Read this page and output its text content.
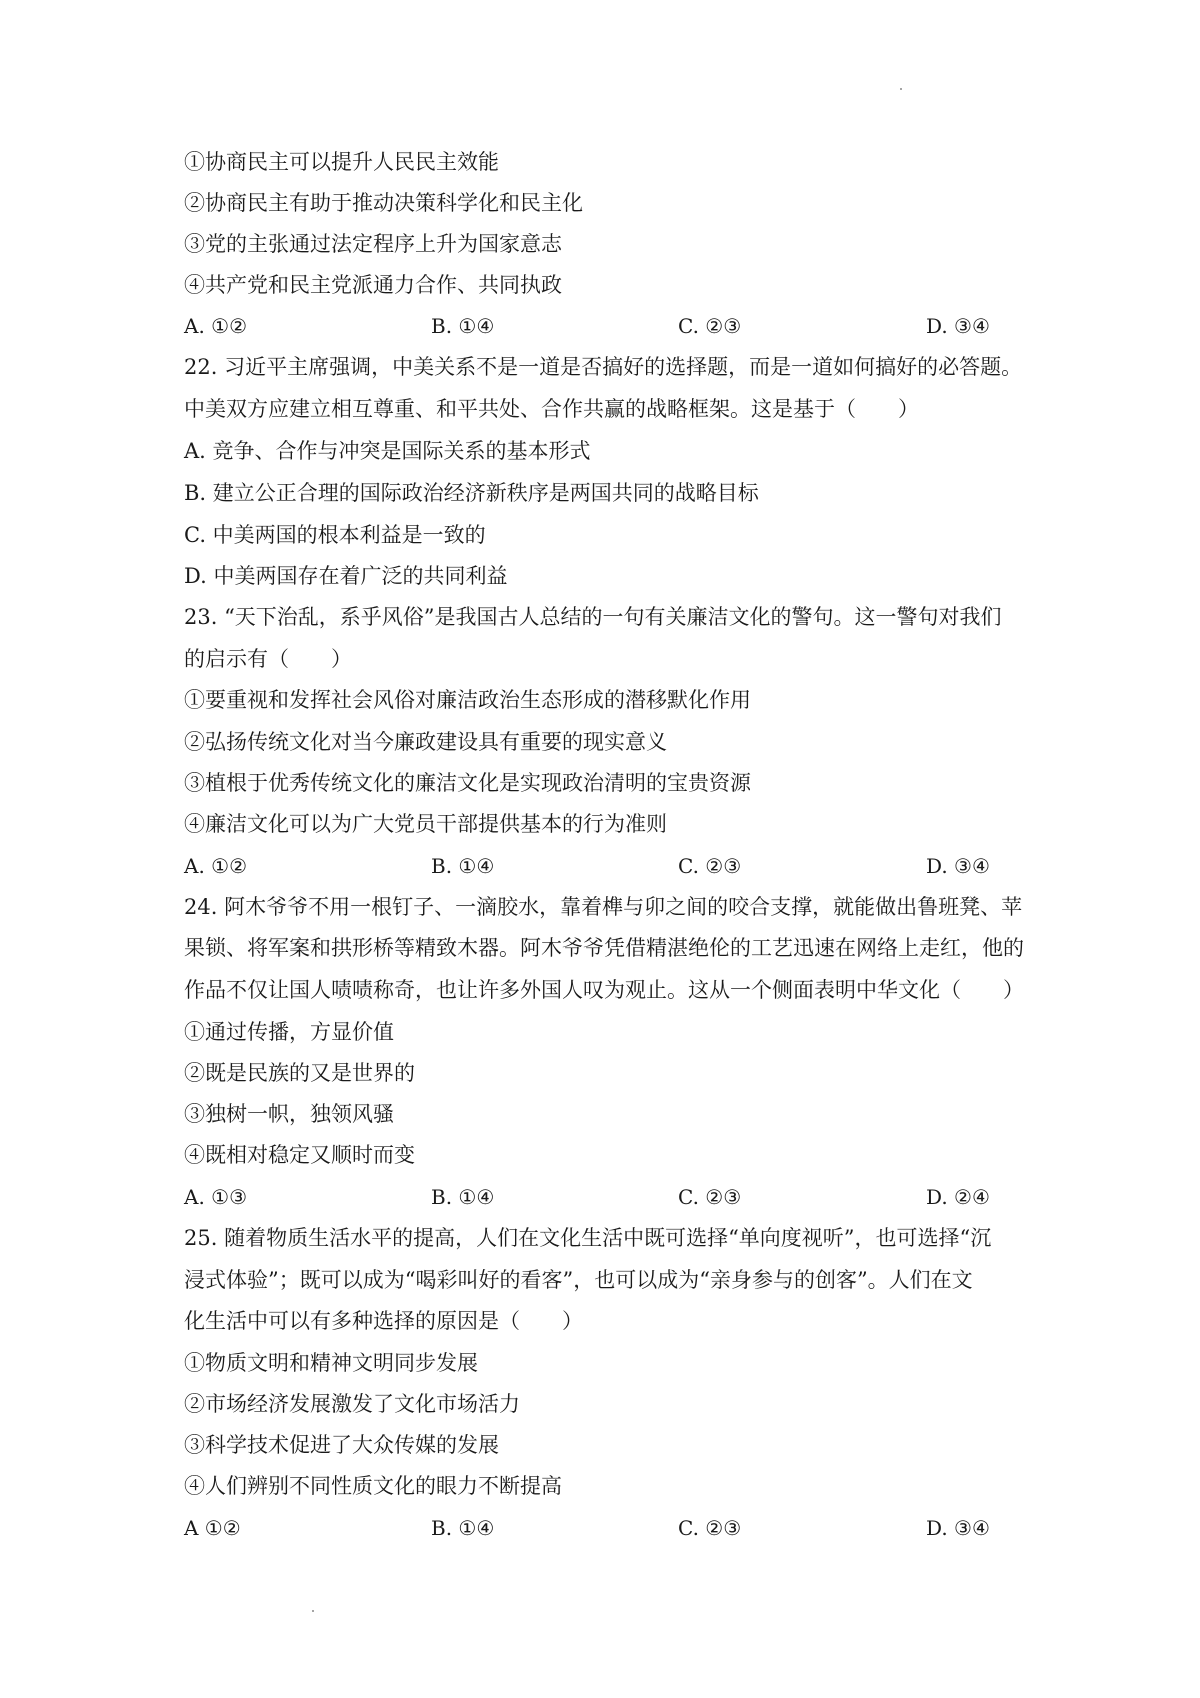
①协商民主可以提升人民民主效能
②协商民主有助于推动决策科学化和民主化
③党的主张通过法定程序上升为国家意志
④共产党和民主党派通力合作、共同执政
A. ①②	B. ①④	C. ②③	D. ③④
22. 习近平主席强调，中美关系不是一道是否搞好的选择题，而是一道如何搞好的必答题。
中美双方应建立相互尊重、和平共处、合作共赢的战略框架。这是基于（　　）
A. 竞争、合作与冲突是国际关系的基本形式
B. 建立公正合理的国际政治经济新秩序是两国共同的战略目标
C. 中美两国的根本利益是一致的
D. 中美两国存在着广泛的共同利益
23. “天下治乱，系乎风俗”是我国古人总结的一句有关廉洁文化的警句。这一警句对我们
的启示有（　　）
①要重视和发挥社会风俗对廉洁政治生态形成的潜移默化作用
②弘扬传统文化对当今廉政建设具有重要的现实意义
③植根于优秀传统文化的廉洁文化是实现政治清明的宝贵资源
④廉洁文化可以为广大党员干部提供基本的行为准则
A. ①②	B. ①④	C. ②③	D. ③④
24. 阿木爷爷不用一根钉子、一滴胶水，靠着榫与卯之间的咬合支撑，就能做出鲁班凳、苹
果锁、将军案和拱形桥等精致木器。阿木爷爷凭借精湛绝伦的工艺迅速在网络上走红，他的
作品不仅让国人啧啧称奇，也让许多外国人叹为观止。这从一个侧面表明中华文化（　　）
①通过传播，方显价值
②既是民族的又是世界的
③独树一帜，独领风骚
④既相对稳定又顺时而变
A. ①③	B. ①④	C. ②③	D. ②④
25. 随着物质生活水平的提高，人们在文化生活中既可选择“单向度视听”，也可选择“沉
浸式体验”；既可以成为“喝彩叫好的看客”，也可以成为“亲身参与的创客”。人们在文
化生活中可以有多种选择的原因是（　　）
①物质文明和精神文明同步发展
②市场经济发展激发了文化市场活力
③科学技术促进了大众传媒的发展
④人们辨别不同性质文化的眼力不断提高
A ①②	B. ①④	C. ②③	D. ③④
